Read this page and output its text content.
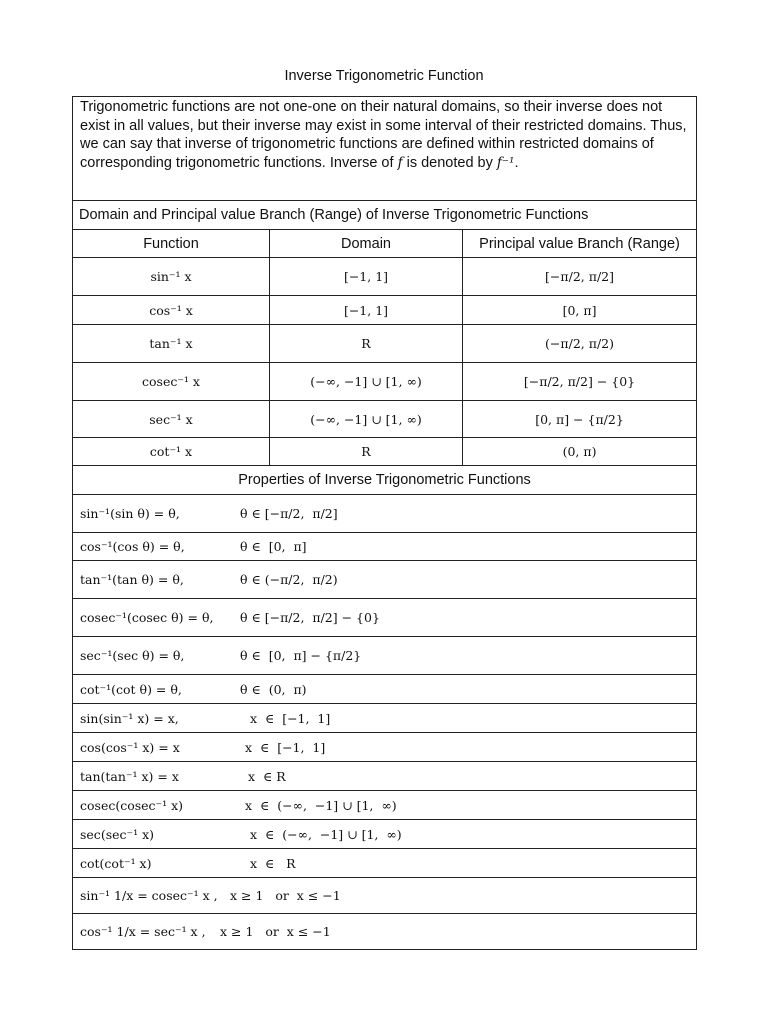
Inverse Trigonometric Function
Trigonometric functions are not one-one on their natural domains, so their inverse does not exist in all values, but their inverse may exist in some interval of their restricted domains. Thus, we can say that inverse of trigonometric functions are defined within restricted domains of corresponding trigonometric functions. Inverse of f is denoted by f⁻¹.		
Domain and Principal value Branch (Range) of Inverse Trigonometric Functions		
Function	Domain	Principal value Branch (Range)
sin⁻¹ x	[−1, 1]	[−π/2, π/2]
cos⁻¹ x	[−1, 1]	[0, π]
tan⁻¹ x	R	(−π/2, π/2)
cosec⁻¹ x	(−∞, −1] ∪ [1, ∞)	[−π/2, π/2] − {0}
sec⁻¹ x	(−∞, −1] ∪ [1, ∞)	[0, π] − {π/2}
cot⁻¹ x	R	(0, π)
Properties of Inverse Trigonometric Functions		
sin⁻¹(sin θ) = θ, θ ∈ [−π/2,  π/2]		
cos⁻¹(cos θ) = θ, θ ∈  [0,  π]		
tan⁻¹(tan θ) = θ, θ ∈ (−π/2,  π/2)		
cosec⁻¹(cosec θ) = θ, θ ∈ [−π/2,  π/2] − {0}		
sec⁻¹(sec θ) = θ, θ ∈  [0,  π] − {π/2}		
cot⁻¹(cot θ) = θ, θ ∈  (0,  π)		
sin(sin⁻¹ x) = x, x  ∈  [−1,  1]		
cos(cos⁻¹ x) = x x  ∈  [−1,  1]		
tan(tan⁻¹ x) = x x  ∈ R		
cosec(cosec⁻¹ x) x  ∈  (−∞,  −1] ∪ [1,  ∞)		
sec(sec⁻¹ x) x  ∈  (−∞,  −1] ∪ [1,  ∞)		
cot(cot⁻¹ x) x  ∈   R		
sin⁻¹ 1/x = cosec⁻¹ x , x ≥ 1   or  x ≤ −1		
cos⁻¹ 1/x = sec⁻¹ x , x ≥ 1   or  x ≤ −1		
